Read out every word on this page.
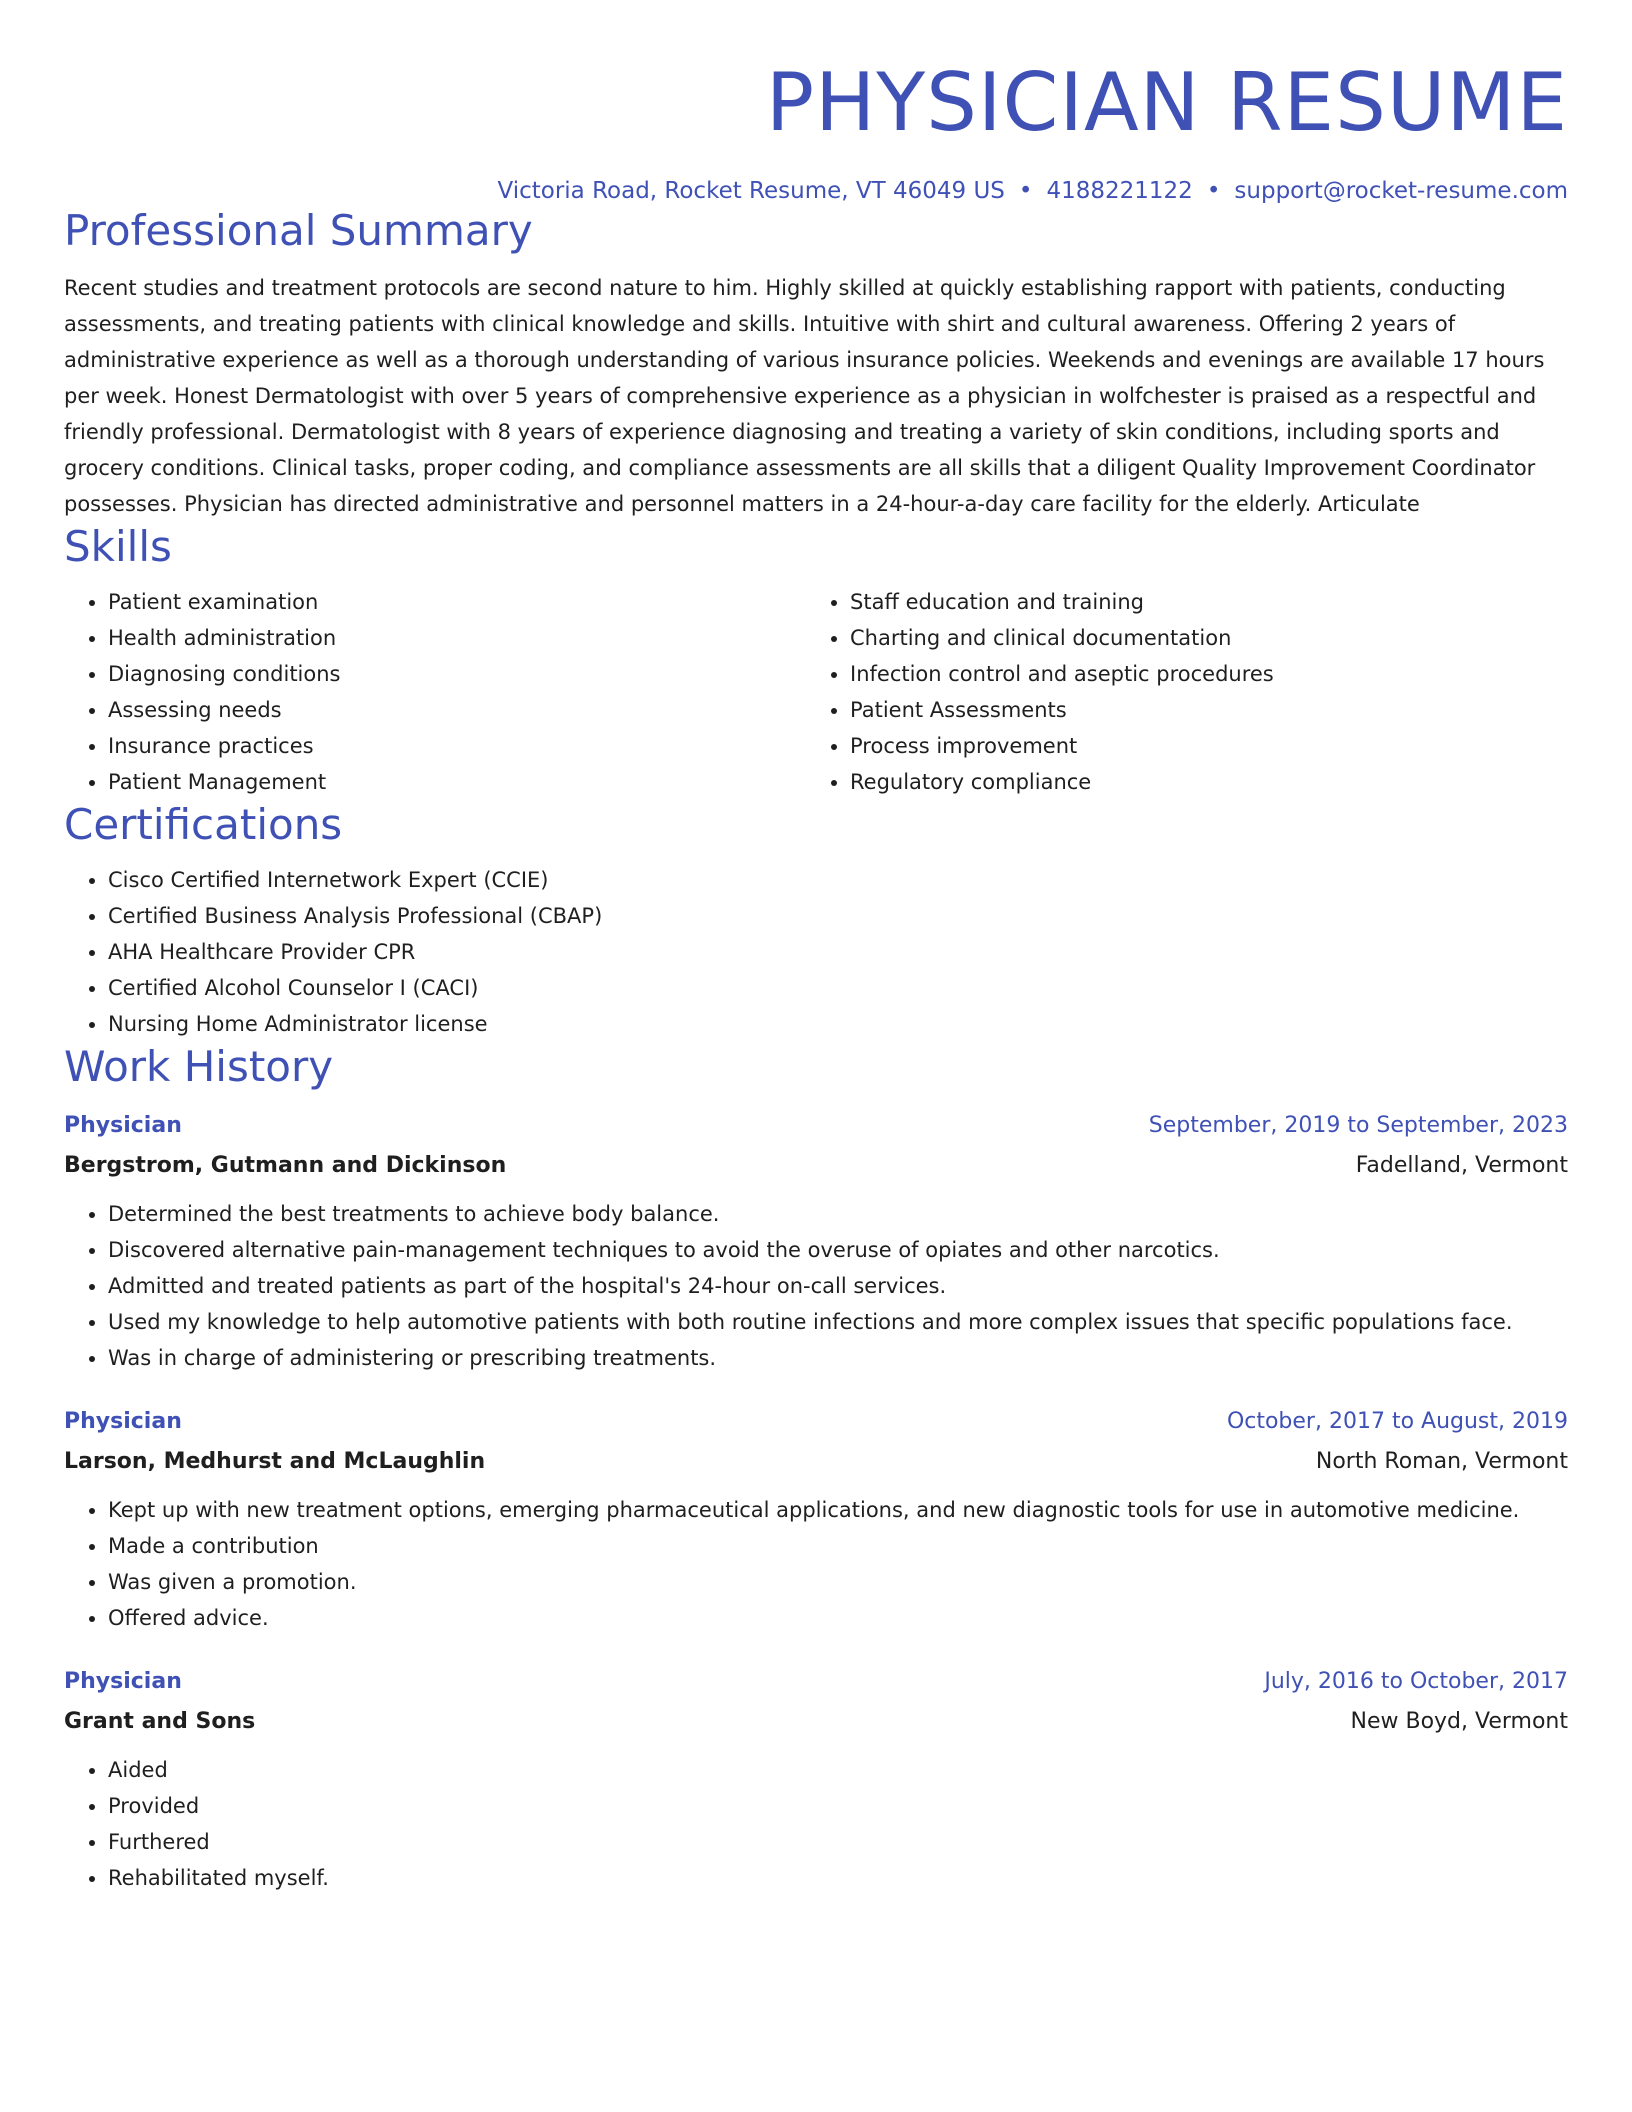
PHYSICIAN RESUME
Victoria Road, Rocket Resume, VT 46049 US • 4188221122 • support@rocket-resume.com
Professional Summary
Recent studies and treatment protocols are second nature to him. Highly skilled at quickly establishing rapport with patients, conducting assessments, and treating patients with clinical knowledge and skills. Intuitive with shirt and cultural awareness. Offering 2 years of administrative experience as well as a thorough understanding of various insurance policies. Weekends and evenings are available 17 hours per week. Honest Dermatologist with over 5 years of comprehensive experience as a physician in wolfchester is praised as a respectful and friendly professional. Dermatologist with 8 years of experience diagnosing and treating a variety of skin conditions, including sports and grocery conditions. Clinical tasks, proper coding, and compliance assessments are all skills that a diligent Quality Improvement Coordinator possesses. Physician has directed administrative and personnel matters in a 24-hour-a-day care facility for the elderly. Articulate
Skills
• Patient examination
• Health administration
• Diagnosing conditions
• Assessing needs
• Insurance practices
• Patient Management
• Staff education and training
• Charting and clinical documentation
• Infection control and aseptic procedures
• Patient Assessments
• Process improvement
• Regulatory compliance
Certifications
• Cisco Certified Internetwork Expert (CCIE)
• Certified Business Analysis Professional (CBAP)
• AHA Healthcare Provider CPR
• Certified Alcohol Counselor I (CACI)
• Nursing Home Administrator license
Work History
Physician	September, 2019 to September, 2023
Bergstrom, Gutmann and Dickinson	Fadelland, Vermont
• Determined the best treatments to achieve body balance.
• Discovered alternative pain-management techniques to avoid the overuse of opiates and other narcotics.
• Admitted and treated patients as part of the hospital's 24-hour on-call services.
• Used my knowledge to help automotive patients with both routine infections and more complex issues that specific populations face.
• Was in charge of administering or prescribing treatments.
Physician	October, 2017 to August, 2019
Larson, Medhurst and McLaughlin	North Roman, Vermont
• Kept up with new treatment options, emerging pharmaceutical applications, and new diagnostic tools for use in automotive medicine.
• Made a contribution
• Was given a promotion.
• Offered advice.
Physician	July, 2016 to October, 2017
Grant and Sons	New Boyd, Vermont
• Aided
• Provided
• Furthered
• Rehabilitated myself.
